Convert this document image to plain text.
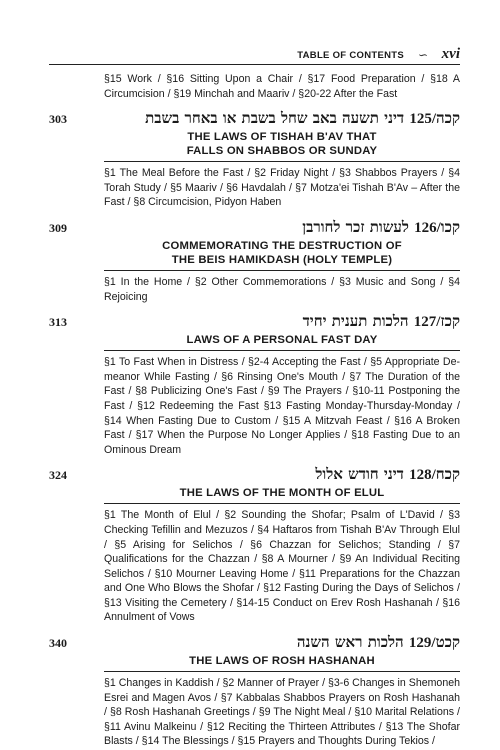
TABLE OF CONTENTS ∽ xvi
§15 Work / §16 Sitting Upon a Chair / §17 Food Preparation / §18 A Circumcision / §19 Minchah and Maariv / §20-22 After the Fast
303	קכה/125 דיני תשעה באב שחל בשבת או באחר בשבת
THE LAWS OF TISHAH B'AV THAT
FALLS ON SHABBOS OR SUNDAY
§1 The Meal Before the Fast / §2 Friday Night / §3 Shabbos Prayers / §4 Torah Study / §5 Maariv / §6 Havdalah / §7 Motza'ei Tishah B'Av – After the Fast / §8 Circumcision, Pidyon Haben
309	קכו/126 לעשות זכר לחורבן
COMMEMORATING THE DESTRUCTION OF
THE BEIS HAMIKDASH (HOLY TEMPLE)
§1 In the Home / §2 Other Commemorations / §3 Music and Song / §4 Rejoicing
313	קכז/127 הלכות תענית יחיד
LAWS OF A PERSONAL FAST DAY
§1 To Fast When in Distress / §2-4 Accepting the Fast / §5 Appropriate De-meanor While Fasting / §6 Rinsing One's Mouth / §7 The Duration of the Fast / §8 Publicizing One's Fast / §9 The Prayers / §10-11 Postponing the Fast / §12 Redeeming the Fast §13 Fasting Monday-Thursday-Monday / §14 When Fasting Due to Custom / §15 A Mitzvah Feast / §16 A Broken Fast / §17 When the Purpose No Longer Applies / §18 Fasting Due to an Ominous Dream
324	קכח/128 דיני חודש אלול
THE LAWS OF THE MONTH OF ELUL
§1 The Month of Elul / §2 Sounding the Shofar; Psalm of L'David / §3 Checking Tefillin and Mezuzos / §4 Haftaros from Tishah B'Av Through Elul / §5 Arising for Selichos / §6 Chazzan for Selichos; Standing / §7 Qualifications for the Chazzan / §8 A Mourner / §9 An Individual Reciting Selichos / §10 Mourner Leaving Home / §11 Preparations for the Chazzan and One Who Blows the Shofar / §12 Fasting During the Days of Selichos / §13 Visiting the Cemetery / §14-15 Conduct on Erev Rosh Hashanah / §16 Annulment of Vows
340	קכט/129 הלכות ראש השנה
THE LAWS OF ROSH HASHANAH
§1 Changes in Kaddish / §2 Manner of Prayer / §3-6 Changes in Shemoneh Esrei and Magen Avos / §7 Kabbalas Shabbos Prayers on Rosh Hashanah / §8 Rosh Hashanah Greetings / §9 The Night Meal / §10 Marital Relations / §11 Avinu Malkeinu / §12 Reciting the Thirteen Attributes / §13 The Shofar Blasts / §14 The Blessings / §15 Prayers and Thoughts During Tekios /
